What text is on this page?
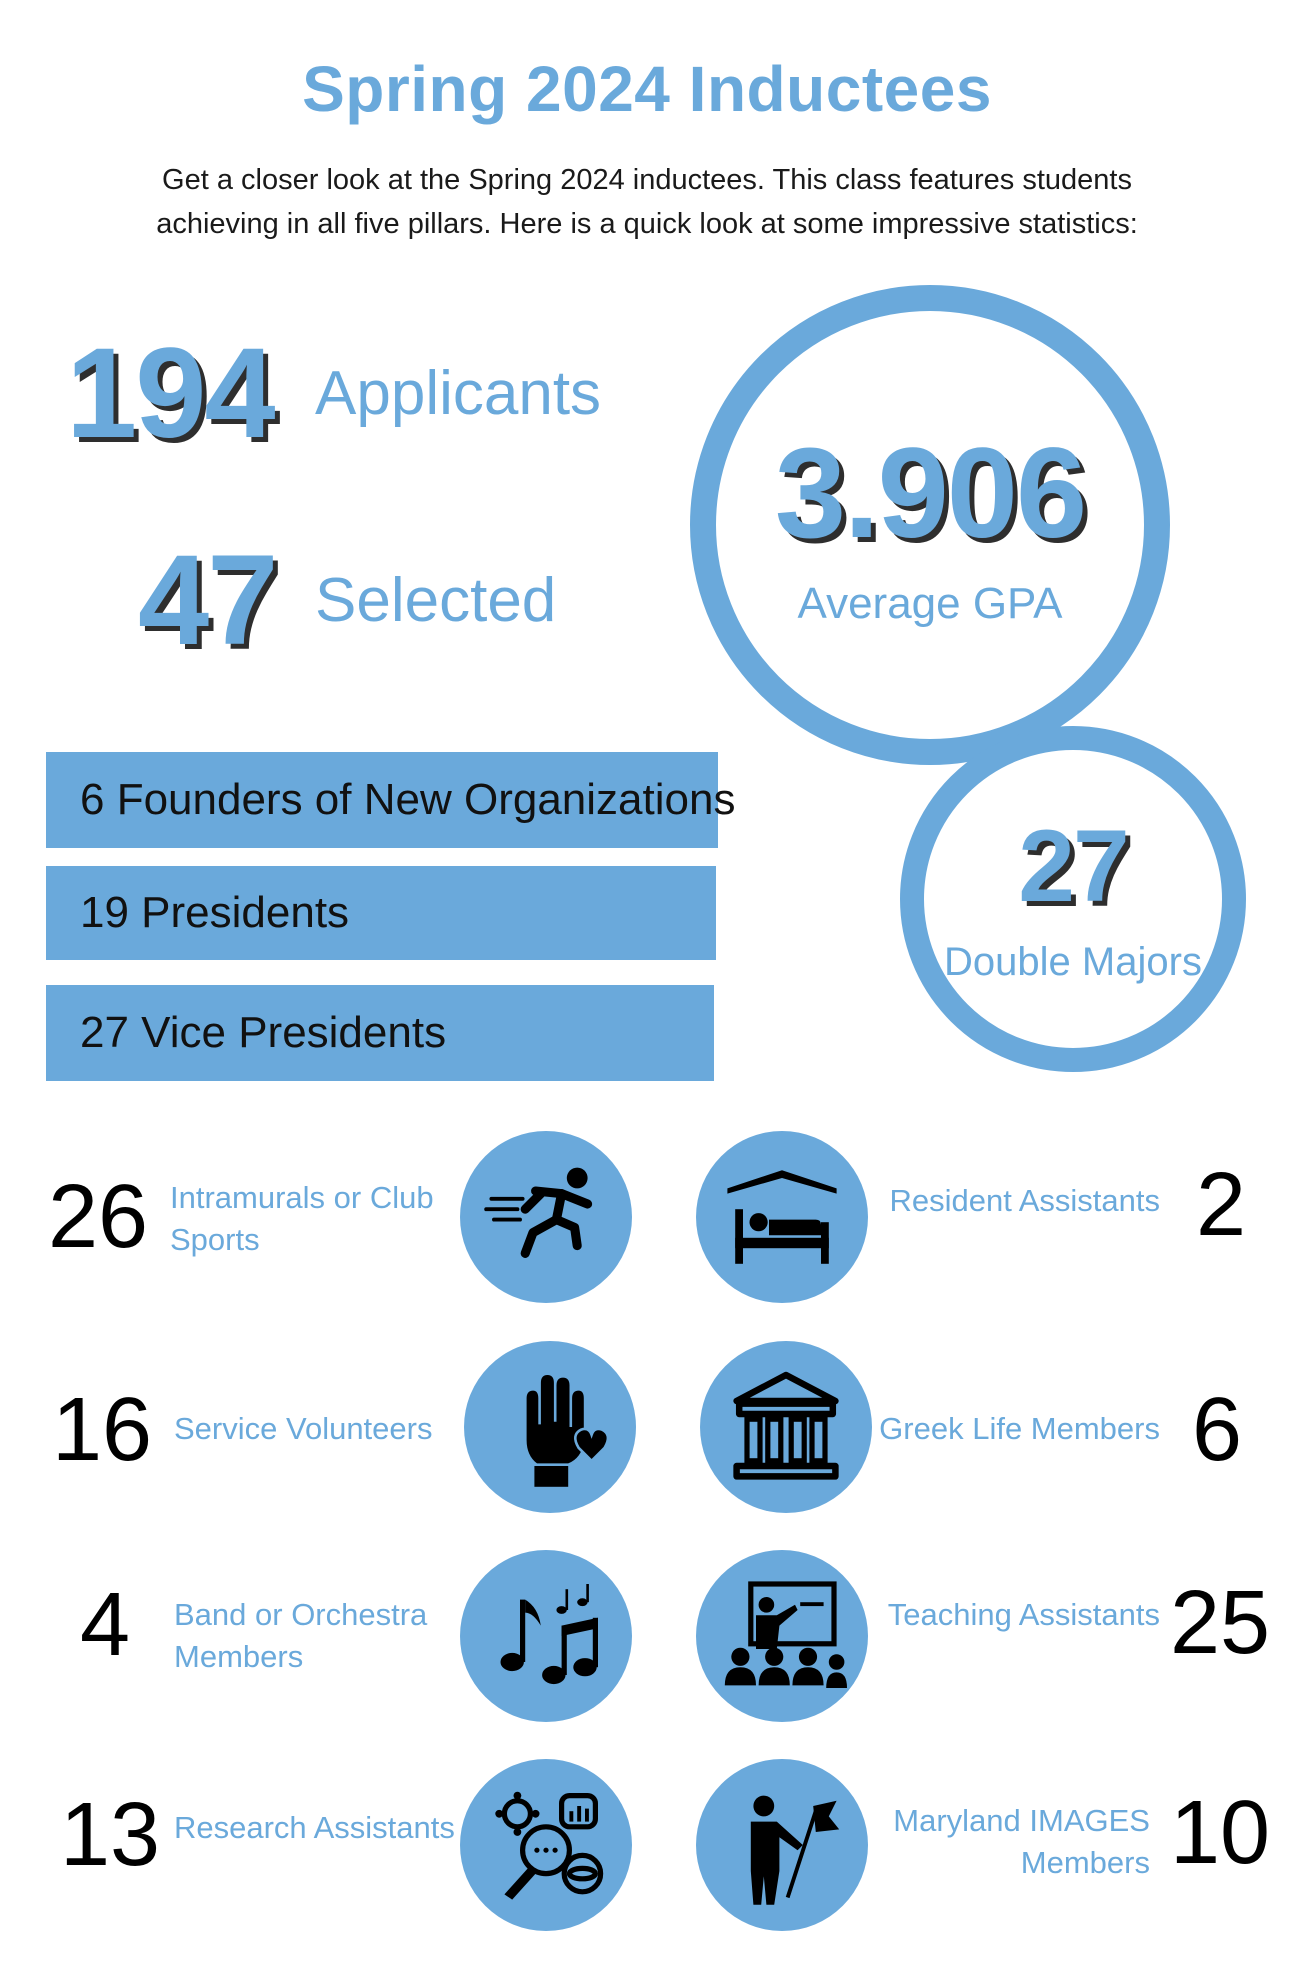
Spring 2024 Inductees
Get a closer look at the Spring 2024 inductees. This class features students
achieving in all five pillars. Here is a quick look at some impressive statistics:
194 Applicants
47 Selected
3.906
Average GPA
27
Double Majors
6 Founders of New Organizations
19 Presidents
27 Vice Presidents
26 Intramurals or Club
Sports
16 Service Volunteers
4 Band or Orchestra
Members
13 Research Assistants
Resident Assistants 2
Greek Life Members 6
Teaching Assistants 25
Maryland IMAGES
Members 10
